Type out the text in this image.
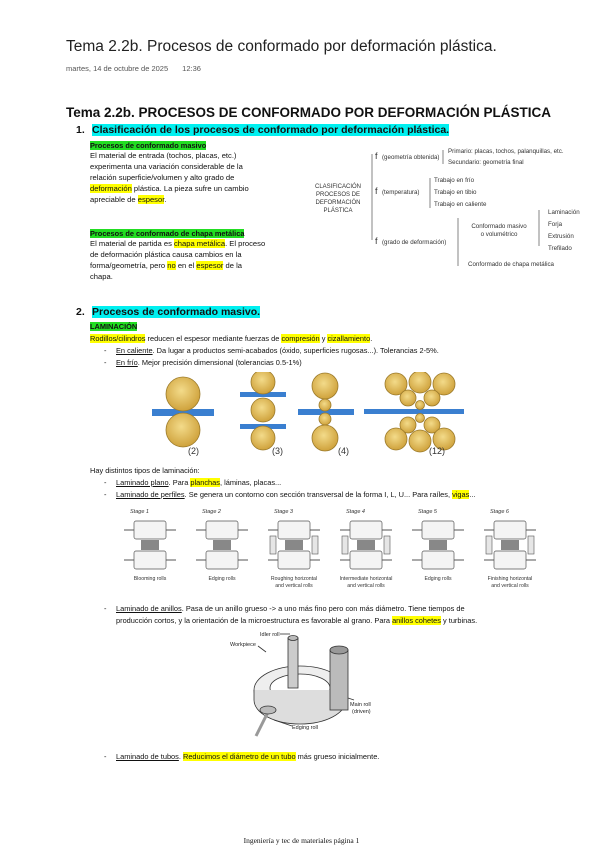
Tema 2.2b. Procesos de conformado por deformación plástica.
martes, 14 de octubre de 2025 12:36
Tema 2.2b. PROCESOS DE CONFORMADO POR DEFORMACIÓN PLÁSTICA
1. Clasificación de los procesos de conformado por deformación plástica.
Procesos de conformado masivo
El material de entrada (tochos, placas, etc.)
experimenta una variación considerable de la
relación superficie/volumen y alto grado de
deformación plástica. La pieza sufre un cambio
apreciable de espesor.
Procesos de conformado de chapa metálica
El material de partida es chapa metálica. El proceso
de deformación plástica causa cambios en la
forma/geometría, pero no en el espesor de la
chapa.
CLASIFICACIÓN
PROCESOS DE
DEFORMACIÓN
PLÁSTICA
f (geometría obtenida)
Primario: placas, tochos, palanquillas, etc.
Secundario: geometría final
f (temperatura)
Trabajo en frío
Trabajo en tibio
Trabajo en caliente
f (grado de deformación)
Conformado masivo
o volumétrico
Laminación
Forja
Extrusión
Trefilado
Conformado de chapa metálica
2. Procesos de conformado masivo.
LAMINACIÓN
Rodillos/cilindros reducen el espesor mediante fuerzas de compresión y cizallamiento.
- En caliente. Da lugar a productos semi-acabados (óxido, superficies rugosas...). Tolerancias 2-5%.
- En frío. Mejor precisión dimensional (tolerancias 0.5-1%)
(2)	(3)	(4)	(12)
Hay distintos tipos de laminación:
- Laminado plano. Para planchas, láminas, placas...
- Laminado de perfiles. Se genera un contorno con sección transversal de la forma I, L, U... Para raíles, vigas...
Stage 1
Blooming rolls
Stage 2
Edging rolls
Stage 3
Roughing horizontal
and vertical rolls
Stage 4
Intermediate horizontal
and vertical rolls
Stage 5
Edging rolls
Stage 6
Finishing horizontal
and vertical rolls
- Laminado de anillos. Pasa de un anillo grueso -> a uno más fino pero con más diámetro. Tiene tiempos de
producción cortos, y la orientación de la microestructura es favorable al grano. Para anillos cohetes y turbinas.
Idler roll
Workpiece
Main roll
(driven)
Edging roll
- Laminado de tubos. Reducimos el diámetro de un tubo más grueso inicialmente.
Ingeniería y tec de materiales página 1
